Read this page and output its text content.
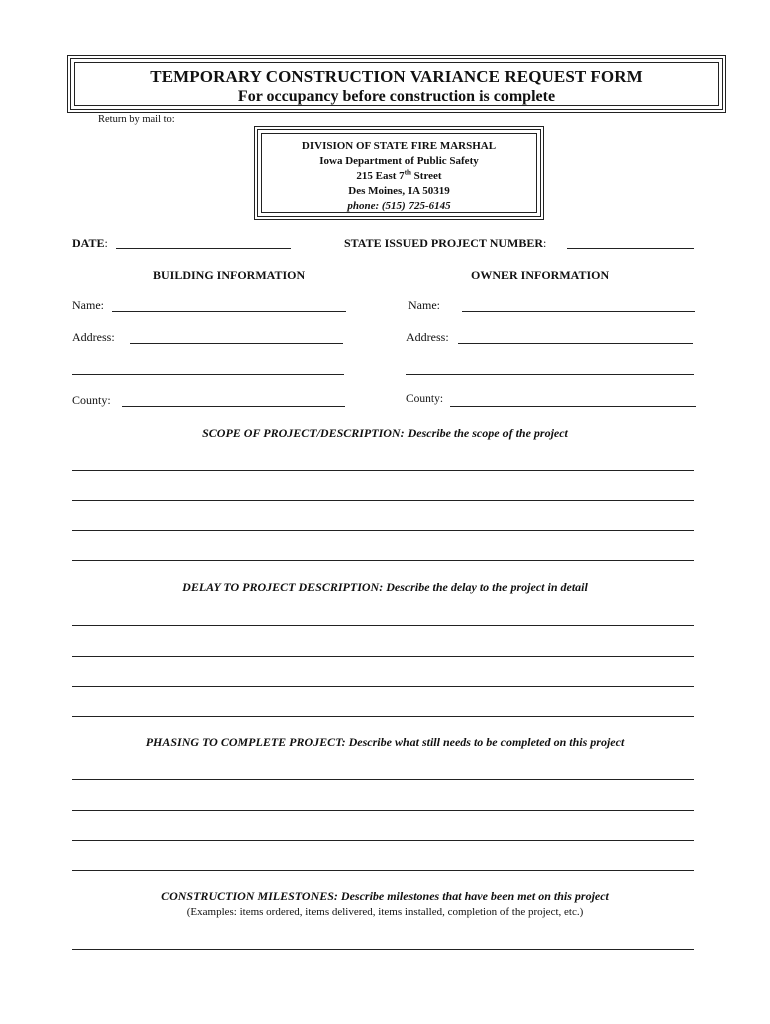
TEMPORARY CONSTRUCTION VARIANCE REQUEST FORM
For occupancy before construction is complete
Return by mail to:
DIVISION OF STATE FIRE MARSHAL
Iowa Department of Public Safety
215 East 7th Street
Des Moines, IA 50319
phone: (515) 725-6145
DATE:	STATE ISSUED PROJECT NUMBER:
BUILDING INFORMATION	OWNER INFORMATION
Name:
Address:
County:
Name:
Address:
County:
SCOPE OF PROJECT/DESCRIPTION: Describe the scope of the project
DELAY TO PROJECT DESCRIPTION: Describe the delay to the project in detail
PHASING TO COMPLETE PROJECT: Describe what still needs to be completed on this project
CONSTRUCTION MILESTONES: Describe milestones that have been met on this project
(Examples: items ordered, items delivered, items installed, completion of the project, etc.)
